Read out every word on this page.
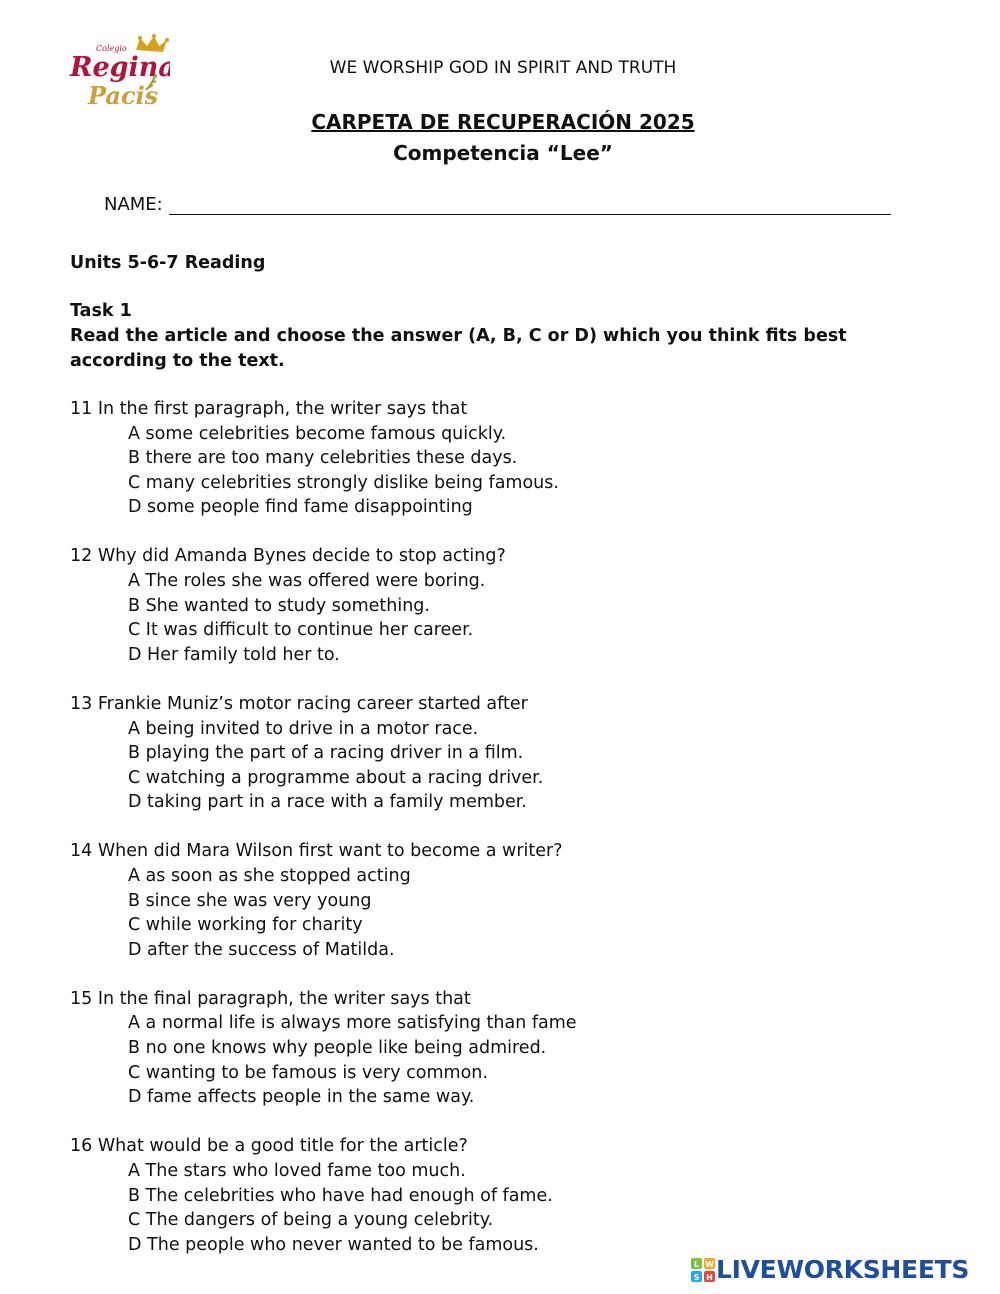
Colegio
Regina
Pacis
WE WORSHIP GOD IN SPIRIT AND TRUTH
CARPETA DE RECUPERACIÓN 2025
Competencia “Lee”
NAME:
Units 5-6-7 Reading
Task 1
Read the article and choose the answer (A, B, C or D) which you think fits best according to the text.
11 In the first paragraph, the writer says that
A some celebrities become famous quickly.
B there are too many celebrities these days.
C many celebrities strongly dislike being famous.
D some people find fame disappointing
12 Why did Amanda Bynes decide to stop acting?
A The roles she was offered were boring.
B She wanted to study something.
C It was difficult to continue her career.
D Her family told her to.
13 Frankie Muniz’s motor racing career started after
A being invited to drive in a motor race.
B playing the part of a racing driver in a film.
C watching a programme about a racing driver.
D taking part in a race with a family member.
14 When did Mara Wilson first want to become a writer?
A as soon as she stopped acting
B since she was very young
C while working for charity
D after the success of Matilda.
15 In the final paragraph, the writer says that
A a normal life is always more satisfying than fame
B no one knows why people like being admired.
C wanting to be famous is very common.
D fame affects people in the same way.
16 What would be a good title for the article?
A The stars who loved fame too much.
B The celebrities who have had enough of fame.
C The dangers of being a young celebrity.
D The people who never wanted to be famous.
L W
S H LIVEWORKSHEETS
